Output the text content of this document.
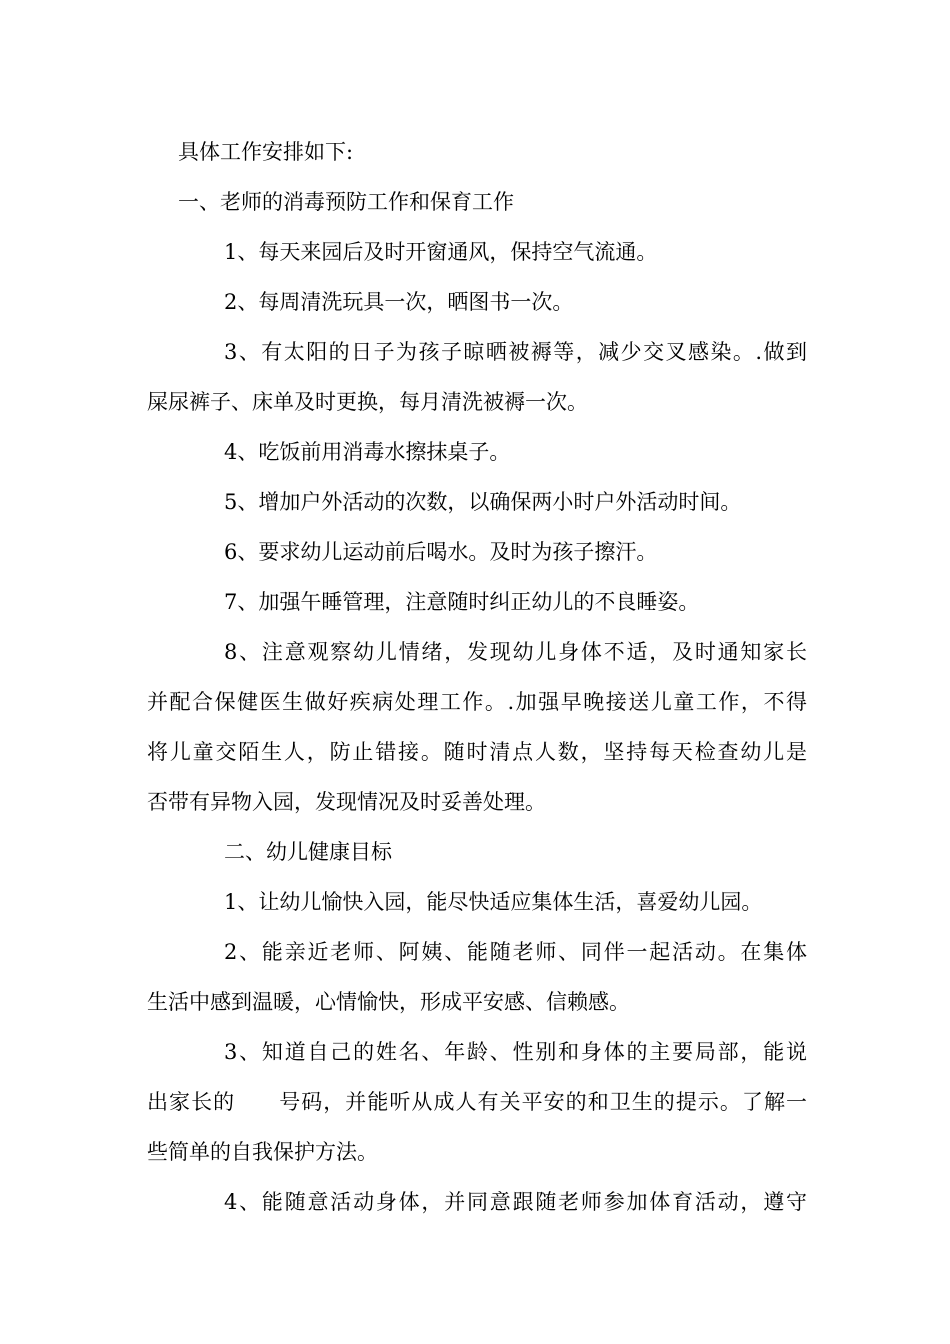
具体工作安排如下:
一、老师的消毒预防工作和保育工作
1、每天来园后及时开窗通风，保持空气流通。
2、每周清洗玩具一次，晒图书一次。
3、有太阳的日子为孩子晾晒被褥等，减少交叉感染。.做到
屎尿裤子、床单及时更换，每月清洗被褥一次。
4、吃饭前用消毒水擦抹桌子。
5、增加户外活动的次数，以确保两小时户外活动时间。
6、要求幼儿运动前后喝水。及时为孩子擦汗。
7、加强午睡管理，注意随时纠正幼儿的不良睡姿。
8、注意观察幼儿情绪，发现幼儿身体不适，及时通知家长
并配合保健医生做好疾病处理工作。.加强早晚接送儿童工作，不得
将儿童交陌生人，防止错接。随时清点人数，坚持每天检查幼儿是
否带有异物入园，发现情况及时妥善处理。
二、幼儿健康目标
1、让幼儿愉快入园，能尽快适应集体生活，喜爱幼儿园。
2、能亲近老师、阿姨、能随老师、同伴一起活动。在集体
生活中感到温暖，心情愉快，形成平安感、信赖感。
3、知道自己的姓名、年龄、性别和身体的主要局部，能说
出家长的　　号码，并能听从成人有关平安的和卫生的提示。了解一
些简单的自我保护方法。
4、能随意活动身体，并同意跟随老师参加体育活动，遵守
